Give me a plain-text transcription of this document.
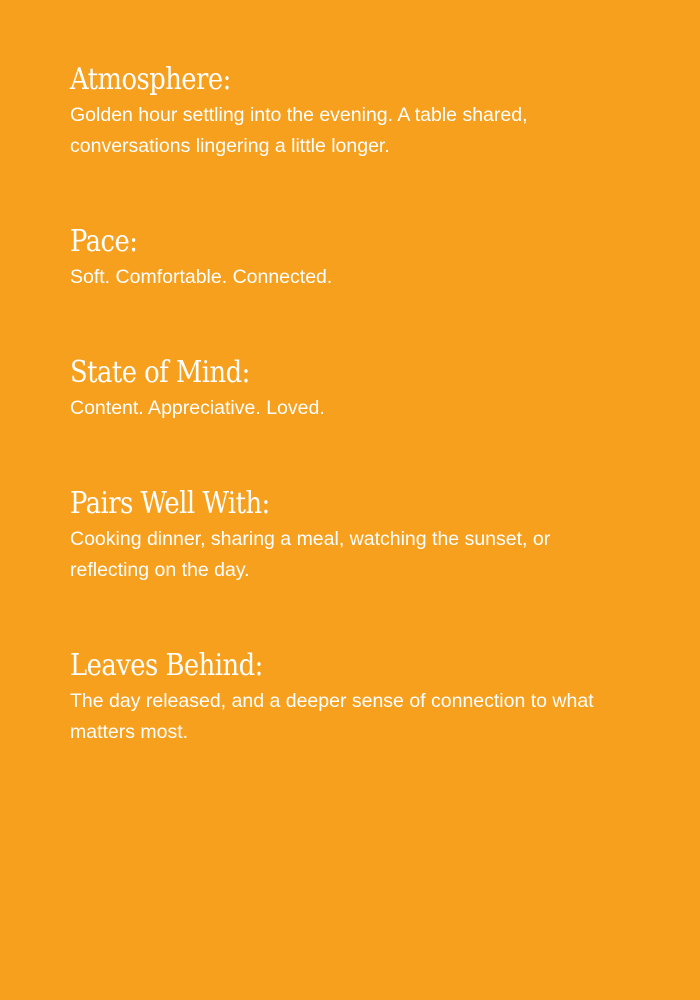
Atmosphere:

Golden hour settling into the evening. A table shared, conversations lingering a little longer.

Pace:

Soft. Comfortable. Connected.

State of Mind:

Content. Appreciative. Loved.

Pairs Well With:

Cooking dinner, sharing a meal, watching the sunset, or reflecting on the day.

Leaves Behind:

The day released, and a deeper sense of connection to what matters most.
